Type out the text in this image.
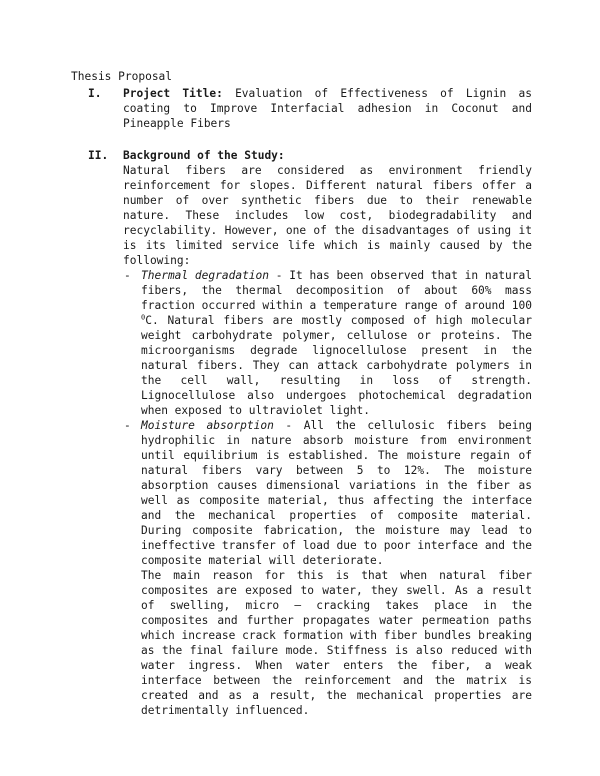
Thesis Proposal
I. Project Title: Evaluation of Effectiveness of Lignin as coating to Improve Interfacial adhesion in Coconut and Pineapple Fibers
II. Background of the Study:
Natural fibers are considered as environment friendly reinforcement for slopes. Different natural fibers offer a number of over synthetic fibers due to their renewable nature. These includes low cost, biodegradability and recyclability. However, one of the disadvantages of using it is its limited service life which is mainly caused by the following:
- Thermal degradation - It has been observed that in natural fibers, the thermal decomposition of about 60% mass fraction occurred within a temperature range of around 100 $^0$C. Natural fibers are mostly composed of high molecular weight carbohydrate polymer, cellulose or proteins. The microorganisms degrade lignocellulose present in the natural fibers. They can attack carbohydrate polymers in the cell wall, resulting in loss of strength. Lignocellulose also undergoes photochemical degradation when exposed to ultraviolet light.
- Moisture absorption - All the cellulosic fibers being hydrophilic in nature absorb moisture from environment until equilibrium is established. The moisture regain of natural fibers vary between 5 to 12%. The moisture absorption causes dimensional variations in the fiber as well as composite material, thus affecting the interface and the mechanical properties of composite material. During composite fabrication, the moisture may lead to ineffective transfer of load due to poor interface and the composite material will deteriorate.
The main reason for this is that when natural fiber composites are exposed to water, they swell. As a result of swelling, micro – cracking takes place in the composites and further propagates water permeation paths which increase crack formation with fiber bundles breaking as the final failure mode. Stiffness is also reduced with water ingress. When water enters the fiber, a weak interface between the reinforcement and the matrix is created and as a result, the mechanical properties are detrimentally influenced.
